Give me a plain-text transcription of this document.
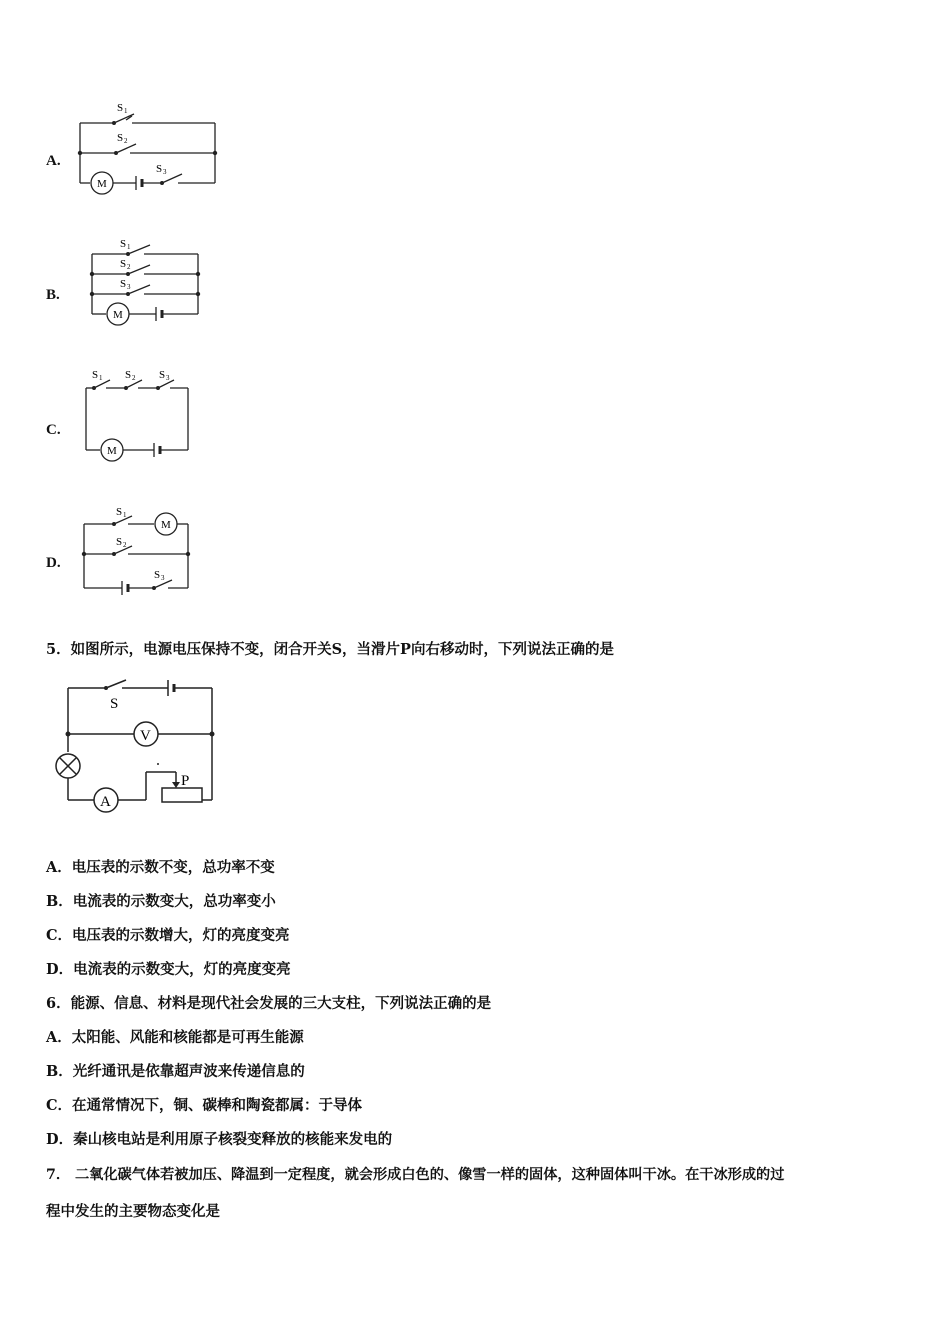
A.
M
S 1
S 2
S 3
B.
M
S 1
S 2
S 3
C.
M
S 1 S 2 S 3
D.
M
S 1
S 2
S 3
5．如图所示，电源电压保持不变，闭合开关S，当滑片P向右移动时，下列说法正确的是
S
V
A
P
A．电压表的示数不变，总功率不变
B．电流表的示数变大，总功率变小
C．电压表的示数增大，灯的亮度变亮
D．电流表的示数变大，灯的亮度变亮
6．能源、信息、材料是现代社会发展的三大支柱，下列说法正确的是
A．太阳能、风能和核能都是可再生能源
B．光纤通讯是依靠超声波来传递信息的
C．在通常情况下，铜、碳棒和陶瓷都属：于导体
D．秦山核电站是利用原子核裂变释放的核能来发电的
7． 二氧化碳气体若被加压、降温到一定程度，就会形成白色的、像雪一样的固体，这种固体叫干冰。在干冰形成的过
程中发生的主要物态变化是
